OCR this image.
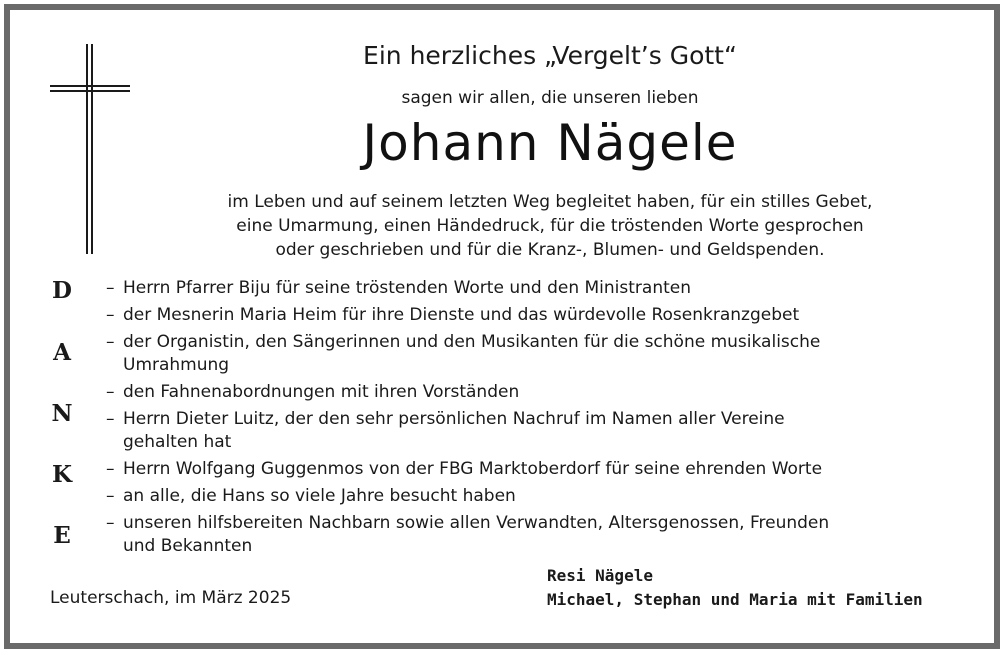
Ein herzliches „Vergelt’s Gott“
sagen wir allen, die unseren lieben
Johann Nägele
im Leben und auf seinem letzten Weg begleitet haben, für ein stilles Gebet,
eine Umarmung, einen Händedruck, für die tröstenden Worte gesprochen
oder geschrieben und für die Kranz-, Blumen- und Geldspenden.
D
A
N
K
E
– Herrn Pfarrer Biju für seine tröstenden Worte und den Ministranten
– der Mesnerin Maria Heim für ihre Dienste und das würdevolle Rosenkranzgebet
– der Organistin, den Sängerinnen und den Musikanten für die schöne musikalische
Umrahmung
– den Fahnenabordnungen mit ihren Vorständen
– Herrn Dieter Luitz, der den sehr persönlichen Nachruf im Namen aller Vereine
gehalten hat
– Herrn Wolfgang Guggenmos von der FBG Marktoberdorf für seine ehrenden Worte
– an alle, die Hans so viele Jahre besucht haben
– unseren hilfsbereiten Nachbarn sowie allen Verwandten, Altersgenossen, Freunden
und Bekannten
Leuterschach, im März 2025
Resi Nägele
Michael, Stephan und Maria mit Familien
